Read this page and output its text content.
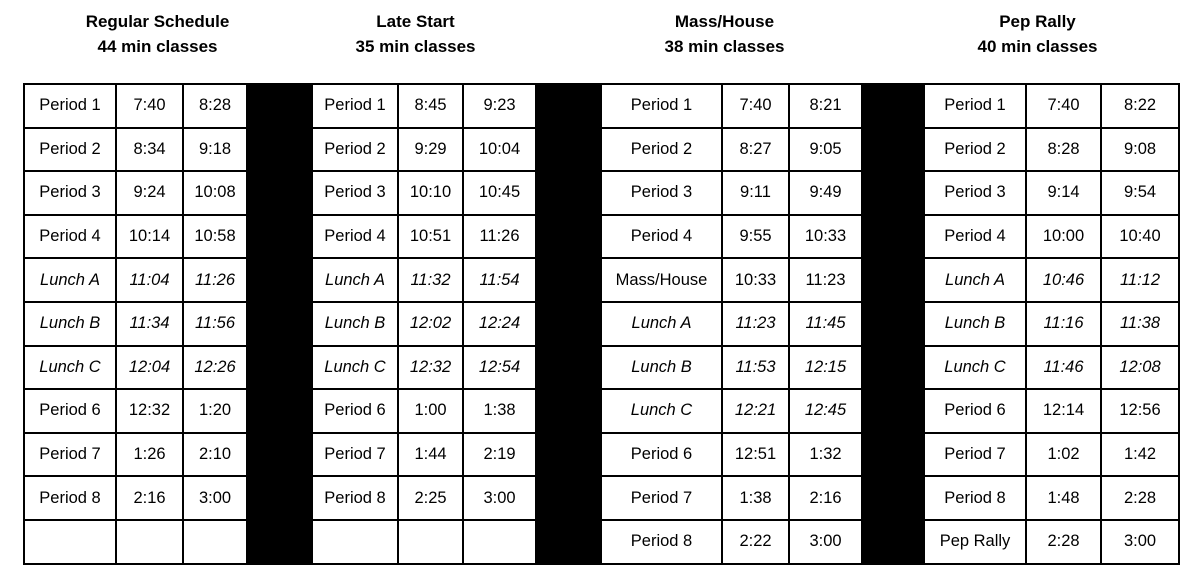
Regular Schedule
44 min classes
Late Start
35 min classes
Mass/House
38 min classes
Pep Rally
40 min classes
Period 1	7:40	8:28		Period 1	8:45	9:23		Period 1	7:40	8:21		Period 1	7:40	8:22
Period 2	8:34	9:18		Period 2	9:29	10:04		Period 2	8:27	9:05		Period 2	8:28	9:08
Period 3	9:24	10:08		Period 3	10:10	10:45		Period 3	9:11	9:49		Period 3	9:14	9:54
Period 4	10:14	10:58		Period 4	10:51	11:26		Period 4	9:55	10:33		Period 4	10:00	10:40
Lunch A	11:04	11:26		Lunch A	11:32	11:54		Mass/House	10:33	11:23		Lunch A	10:46	11:12
Lunch B	11:34	11:56		Lunch B	12:02	12:24		Lunch A	11:23	11:45		Lunch B	11:16	11:38
Lunch C	12:04	12:26		Lunch C	12:32	12:54		Lunch B	11:53	12:15		Lunch C	11:46	12:08
Period 6	12:32	1:20		Period 6	1:00	1:38		Lunch C	12:21	12:45		Period 6	12:14	12:56
Period 7	1:26	2:10		Period 7	1:44	2:19		Period 6	12:51	1:32		Period 7	1:02	1:42
Period 8	2:16	3:00		Period 8	2:25	3:00		Period 7	1:38	2:16		Period 8	1:48	2:28
								Period 8	2:22	3:00		Pep Rally	2:28	3:00
